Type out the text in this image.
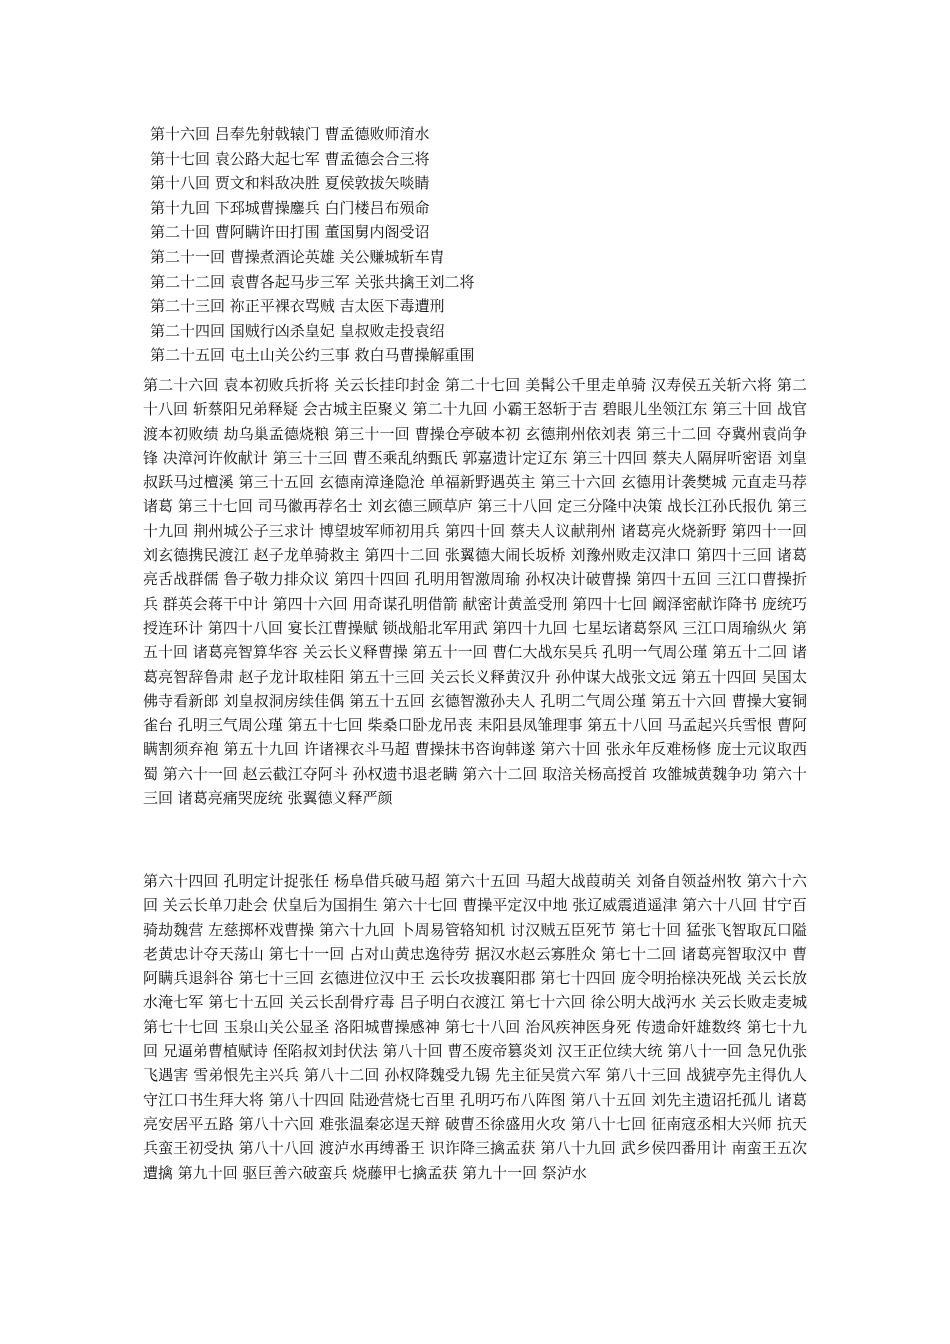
第十六回 吕奉先射戟辕门 曹孟德败师淯水
第十七回 袁公路大起七军 曹孟德会合三将
第十八回 贾文和料敌决胜 夏侯敦拔矢啖睛
第十九回 下邳城曹操鏖兵 白门楼吕布殒命
第二十回 曹阿瞒许田打围 董国舅内阁受诏
第二十一回 曹操煮酒论英雄 关公赚城斩车胄
第二十二回 袁曹各起马步三军 关张共擒王刘二将
第二十三回 祢正平裸衣骂贼 吉太医下毒遭刑
第二十四回 国贼行凶杀皇妃 皇叔败走投袁绍
第二十五回 屯土山关公约三事 救白马曹操解重围

第二十六回 袁本初败兵折将 关云长挂印封金 第二十七回 美髯公千里走单骑 汉寿侯五关斩六将 第二十八回 斩蔡阳兄弟释疑 会古城主臣聚义 第二十九回 小霸王怒斩于吉 碧眼儿坐领江东 第三十回 战官渡本初败绩 劫乌巢孟德烧粮 第三十一回 曹操仓亭破本初 玄德荆州依刘表 第三十二回 夺冀州袁尚争锋 决漳河许攸献计 第三十三回 曹丕乘乱纳甄氏 郭嘉遗计定辽东 第三十四回 蔡夫人隔屏听密语 刘皇叔跃马过檀溪 第三十五回 玄德南漳逢隐沧 单福新野遇英主 第三十六回 玄德用计袭樊城 元直走马荐诸葛 第三十七回 司马徽再荐名士 刘玄德三顾草庐 第三十八回 定三分隆中决策 战长江孙氏报仇 第三十九回 荆州城公子三求计 博望坡军师初用兵 第四十回 蔡夫人议献荆州 诸葛亮火烧新野 第四十一回 刘玄德携民渡江 赵子龙单骑救主 第四十二回 张翼德大闹长坂桥 刘豫州败走汉津口 第四十三回 诸葛亮舌战群儒 鲁子敬力排众议 第四十四回 孔明用智激周瑜 孙权决计破曹操 第四十五回 三江口曹操折兵 群英会蒋干中计 第四十六回 用奇谋孔明借箭 献密计黄盖受刑 第四十七回 阚泽密献诈降书 庞统巧授连环计 第四十八回 宴长江曹操赋 锁战船北军用武 第四十九回 七星坛诸葛祭风 三江口周瑜纵火 第五十回 诸葛亮智算华容 关云长义释曹操 第五十一回 曹仁大战东吴兵 孔明一气周公瑾 第五十二回 诸葛亮智辞鲁肃 赵子龙计取桂阳 第五十三回 关云长义释黄汉升 孙仲谋大战张文远 第五十四回 吴国太佛寺看新郎 刘皇叔洞房续佳偶 第五十五回 玄德智激孙夫人 孔明二气周公瑾 第五十六回 曹操大宴铜雀台 孔明三气周公瑾 第五十七回 柴桑口卧龙吊丧 耒阳县凤雏理事 第五十八回 马孟起兴兵雪恨 曹阿瞒割须弃袍 第五十九回 许诸裸衣斗马超 曹操抹书咨询韩遂 第六十回 张永年反难杨修 庞士元议取西蜀 第六十一回 赵云截江夺阿斗 孙权遗书退老瞒 第六十二回 取涪关杨高授首 攻雒城黄魏争功 第六十三回 诸葛亮痛哭庞统 张翼德义释严颜

第六十四回 孔明定计捉张任 杨阜借兵破马超 第六十五回 马超大战葭萌关 刘备自领益州牧 第六十六回 关云长单刀赴会 伏皇后为国捐生 第六十七回 曹操平定汉中地 张辽威震逍遥津 第六十八回 甘宁百骑劫魏营 左慈掷杯戏曹操 第六十九回 卜周易管辂知机 讨汉贼五臣死节 第七十回 猛张飞智取瓦口隘 老黄忠计夺天荡山 第七十一回 占对山黄忠逸待劳 据汉水赵云寡胜众 第七十二回 诸葛亮智取汉中 曹阿瞒兵退斜谷 第七十三回 玄德进位汉中王 云长攻拔襄阳郡 第七十四回 庞令明抬榇决死战 关云长放水淹七军 第七十五回 关云长刮骨疗毒 吕子明白衣渡江 第七十六回 徐公明大战沔水 关云长败走麦城 第七十七回 玉泉山关公显圣 洛阳城曹操感神 第七十八回 治风疾神医身死 传遗命奸雄数终 第七十九回 兄逼弟曹植赋诗 侄陷叔刘封伏法 第八十回 曹丕废帝篡炎刘 汉王正位续大统 第八十一回 急兄仇张飞遇害 雪弟恨先主兴兵 第八十二回 孙权降魏受九锡 先主征吴赏六军 第八十三回 战猇亭先主得仇人 守江口书生拜大将 第八十四回 陆逊营烧七百里 孔明巧布八阵图 第八十五回 刘先主遗诏托孤儿 诸葛亮安居平五路 第八十六回 难张温秦宓逞天辩 破曹丕徐盛用火攻 第八十七回 征南寇丞相大兴师 抗天兵蛮王初受执 第八十八回 渡泸水再缚番王 识诈降三擒孟获 第八十九回 武乡侯四番用计 南蛮王五次遭擒 第九十回 驱巨善六破蛮兵 烧藤甲七擒孟获 第九十一回 祭泸水
